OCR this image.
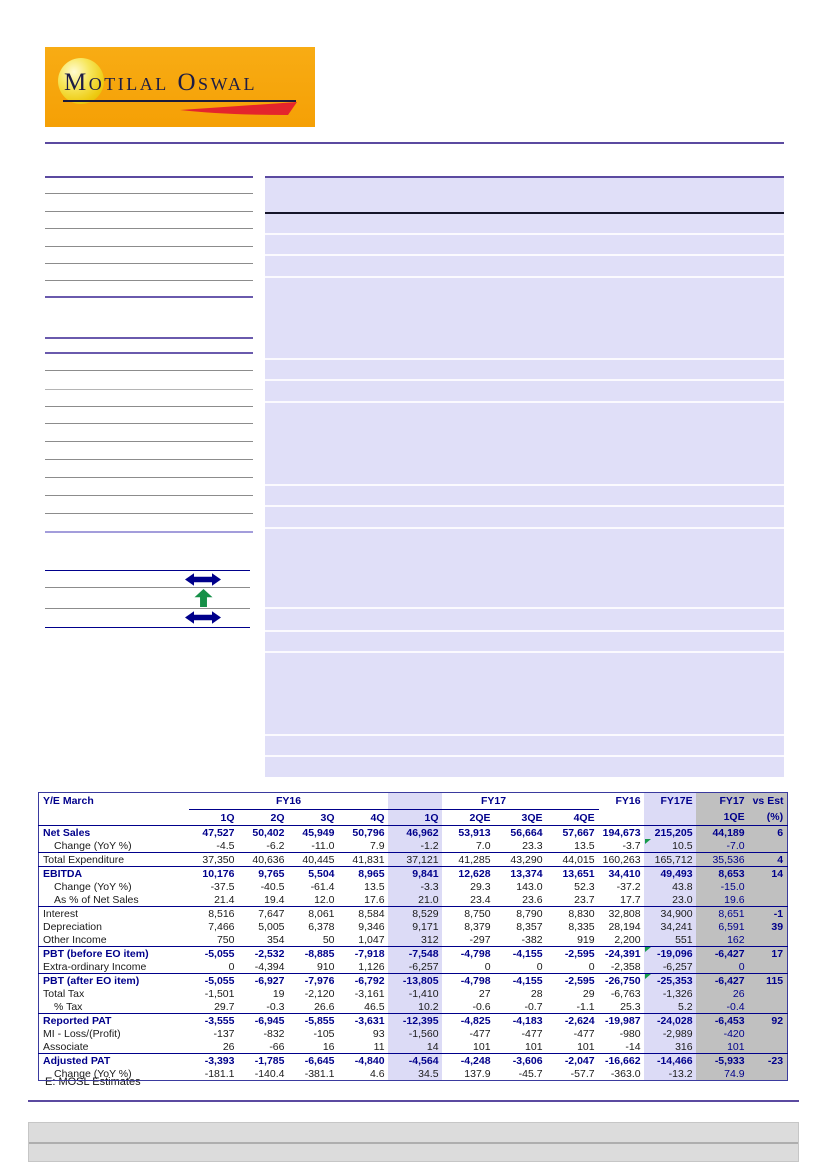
Motilal Oswal
Y/E March	FY16				FY17				FY16	FY17E	FY17	vs Est
	1Q	2Q	3Q	4Q	1Q	2QE	3QE	4QE			1QE	(%)
Net Sales	47,527	50,402	45,949	50,796	46,962	53,913	56,664	57,667	194,673	215,205	44,189	6
Change (YoY %)	-4.5	-6.2	-11.0	7.9	-1.2	7.0	23.3	13.5	-3.7	10.5	-7.0	
Total Expenditure	37,350	40,636	40,445	41,831	37,121	41,285	43,290	44,015	160,263	165,712	35,536	4
EBITDA	10,176	9,765	5,504	8,965	9,841	12,628	13,374	13,651	34,410	49,493	8,653	14
Change (YoY %)	-37.5	-40.5	-61.4	13.5	-3.3	29.3	143.0	52.3	-37.2	43.8	-15.0	
As % of Net Sales	21.4	19.4	12.0	17.6	21.0	23.4	23.6	23.7	17.7	23.0	19.6	
Interest	8,516	7,647	8,061	8,584	8,529	8,750	8,790	8,830	32,808	34,900	8,651	-1
Depreciation	7,466	5,005	6,378	9,346	9,171	8,379	8,357	8,335	28,194	34,241	6,591	39
Other Income	750	354	50	1,047	312	-297	-382	919	2,200	551	162	
PBT (before EO item)	-5,055	-2,532	-8,885	-7,918	-7,548	-4,798	-4,155	-2,595	-24,391	-19,096	-6,427	17
Extra-ordinary Income	0	-4,394	910	1,126	-6,257	0	0	0	-2,358	-6,257	0	
PBT (after EO item)	-5,055	-6,927	-7,976	-6,792	-13,805	-4,798	-4,155	-2,595	-26,750	-25,353	-6,427	115
Total Tax	-1,501	19	-2,120	-3,161	-1,410	27	28	29	-6,763	-1,326	26	
% Tax	29.7	-0.3	26.6	46.5	10.2	-0.6	-0.7	-1.1	25.3	5.2	-0.4	
Reported PAT	-3,555	-6,945	-5,855	-3,631	-12,395	-4,825	-4,183	-2,624	-19,987	-24,028	-6,453	92
MI - Loss/(Profit)	-137	-832	-105	93	-1,560	-477	-477	-477	-980	-2,989	-420	
Associate	26	-66	16	11	14	101	101	101	-14	316	101	
Adjusted PAT	-3,393	-1,785	-6,645	-4,840	-4,564	-4,248	-3,606	-2,047	-16,662	-14,466	-5,933	-23
Change (YoY %)	-181.1	-140.4	-381.1	4.6	34.5	137.9	-45.7	-57.7	-363.0	-13.2	74.9	
E: MOSL Estimates
